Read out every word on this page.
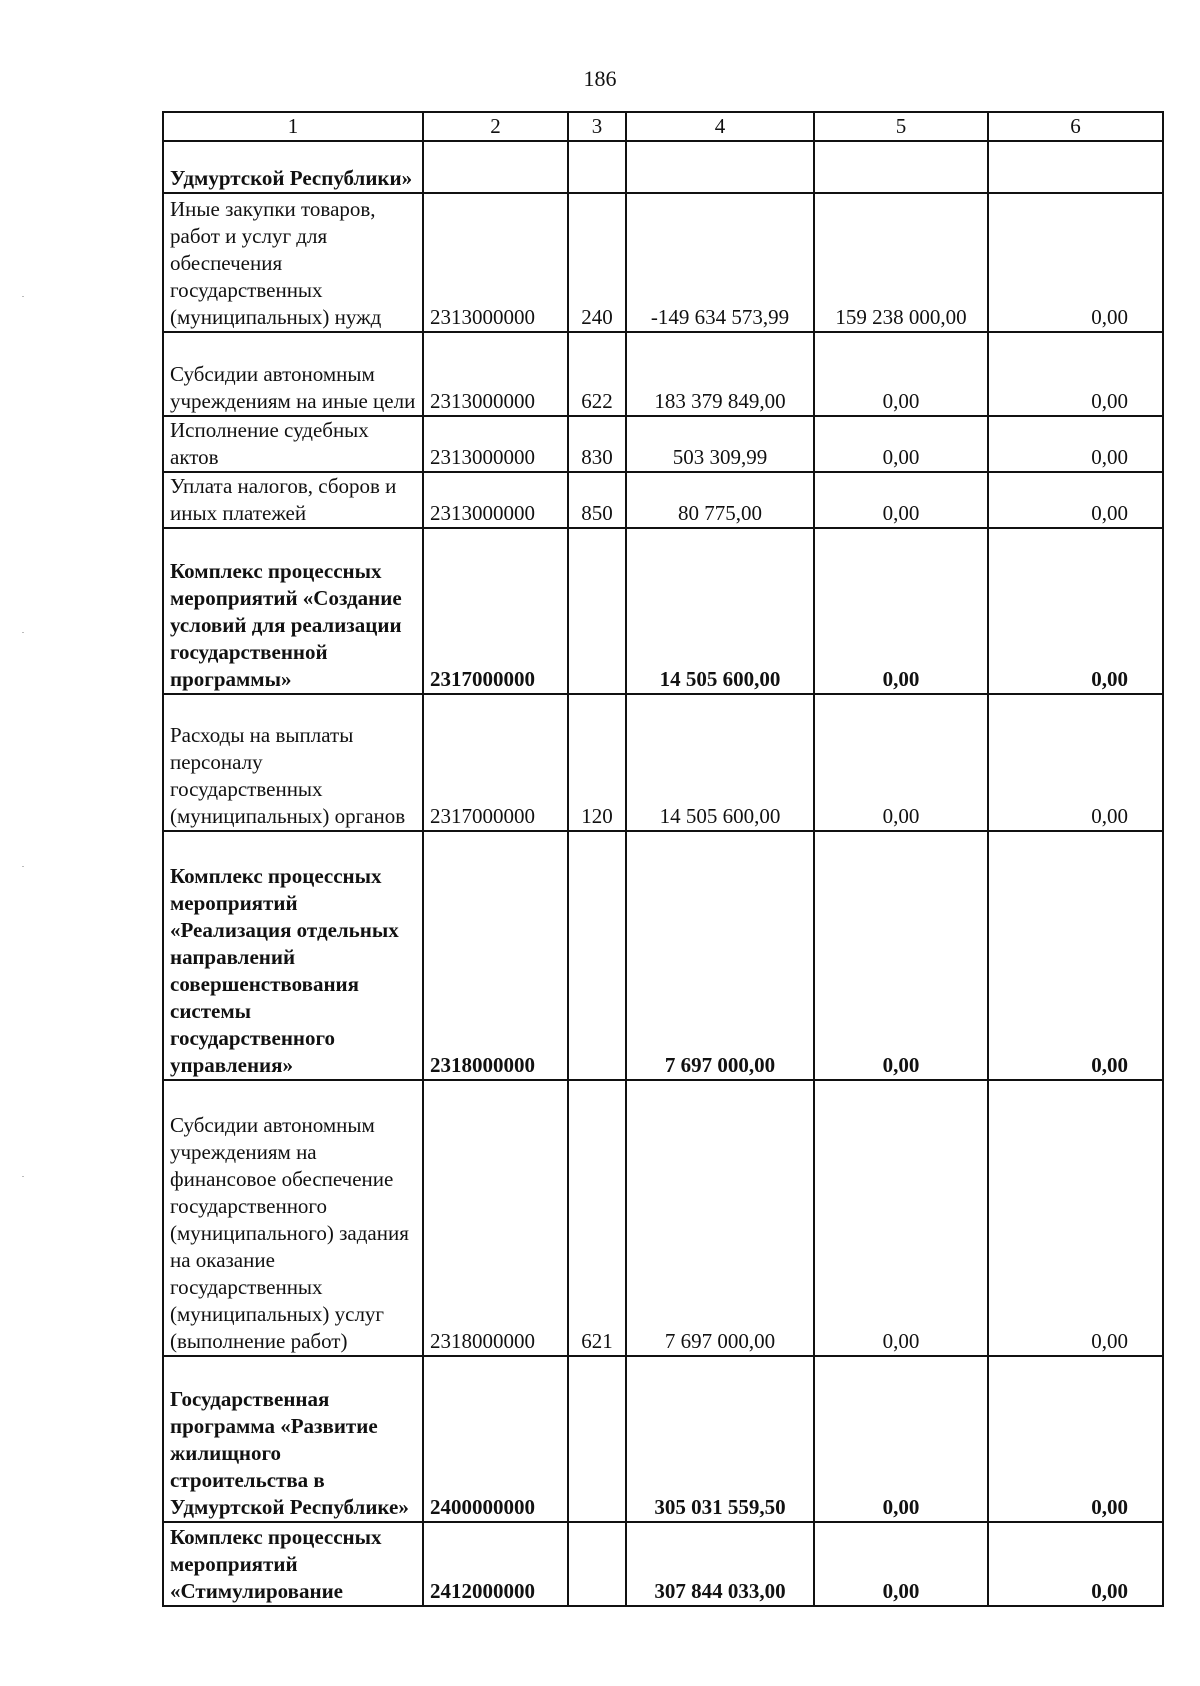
186
1	2	3	4	5	6
Удмуртской Республики»					
Иные закупки товаров, работ и услуг для обеспечения государственных (муниципальных) нужд	2313000000	240	-149 634 573,99	159 238 000,00	0,00
Субсидии автономным учреждениям на иные цели	2313000000	622	183 379 849,00	0,00	0,00
Исполнение судебных актов	2313000000	830	503 309,99	0,00	0,00
Уплата налогов, сборов и иных платежей	2313000000	850	80 775,00	0,00	0,00
Комплекс процессных мероприятий «Создание условий для реализации государственной программы»	2317000000		14 505 600,00	0,00	0,00
Расходы на выплаты персоналу государственных (муниципальных) органов	2317000000	120	14 505 600,00	0,00	0,00
Комплекс процессных мероприятий «Реализация отдельных направлений совершенствования системы государственного управления»	2318000000		7 697 000,00	0,00	0,00
Субсидии автономным учреждениям на финансовое обеспечение государственного (муниципального) задания на оказание государственных (муниципальных) услуг (выполнение работ)	2318000000	621	7 697 000,00	0,00	0,00
Государственная программа «Развитие жилищного строительства в Удмуртской Республике»	2400000000		305 031 559,50	0,00	0,00
Комплекс процессных мероприятий «Стимулирование	2412000000		307 844 033,00	0,00	0,00
